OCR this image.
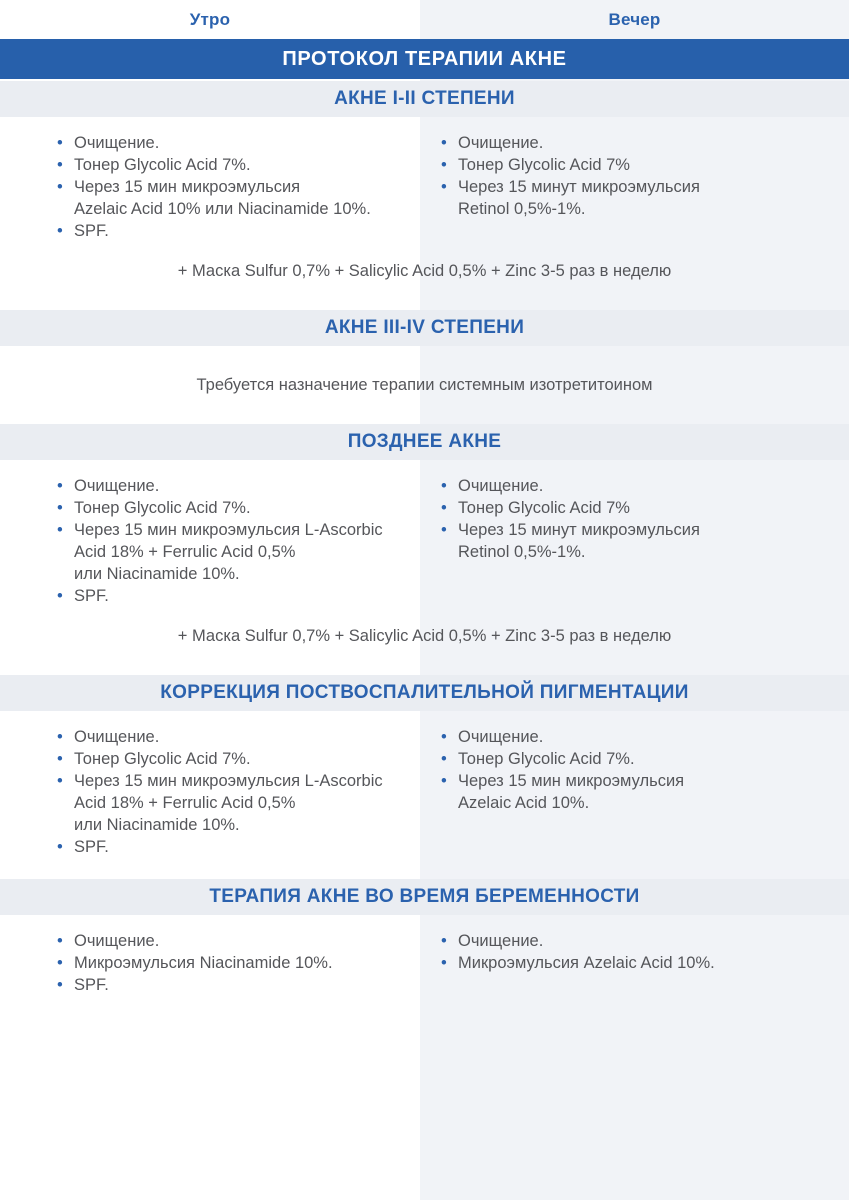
Утро	Вечер
ПРОТОКОЛ ТЕРАПИИ АКНЕ
АКНЕ I-II СТЕПЕНИ
• Очищение.
• Тонер Glycolic Acid 7%.
• Через 15 мин микроэмульсия
Azelaic Acid 10% или Niacinamide 10%.
• SPF.
• Очищение.
• Тонер Glycolic Acid 7%
• Через 15 минут микроэмульсия
Retinol 0,5%-1%.
+ Маска Sulfur 0,7% + Salicylic Acid 0,5% + Zinc 3-5 раз в неделю
АКНЕ III-IV СТЕПЕНИ
Требуется назначение терапии системным изотретитоином
ПОЗДНЕЕ АКНЕ
• Очищение.
• Тонер Glycolic Acid 7%.
• Через 15 мин микроэмульсия L-Ascorbic
Acid 18% + Ferrulic Acid 0,5%
или Niacinamide 10%.
• SPF.
• Очищение.
• Тонер Glycolic Acid 7%
• Через 15 минут микроэмульсия
Retinol 0,5%-1%.
+ Маска Sulfur 0,7% + Salicylic Acid 0,5% + Zinc 3-5 раз в неделю
КОРРЕКЦИЯ ПОСТВОСПАЛИТЕЛЬНОЙ ПИГМЕНТАЦИИ
• Очищение.
• Тонер Glycolic Acid 7%.
• Через 15 мин микроэмульсия L-Ascorbic
Acid 18% + Ferrulic Acid 0,5%
или Niacinamide 10%.
• SPF.
• Очищение.
• Тонер Glycolic Acid 7%.
• Через 15 мин микроэмульсия
Azelaic Acid 10%.
ТЕРАПИЯ АКНЕ ВО ВРЕМЯ БЕРЕМЕННОСТИ
• Очищение.
• Микроэмульсия Niacinamide 10%.
• SPF.
• Очищение.
• Микроэмульсия Azelaic Acid 10%.
